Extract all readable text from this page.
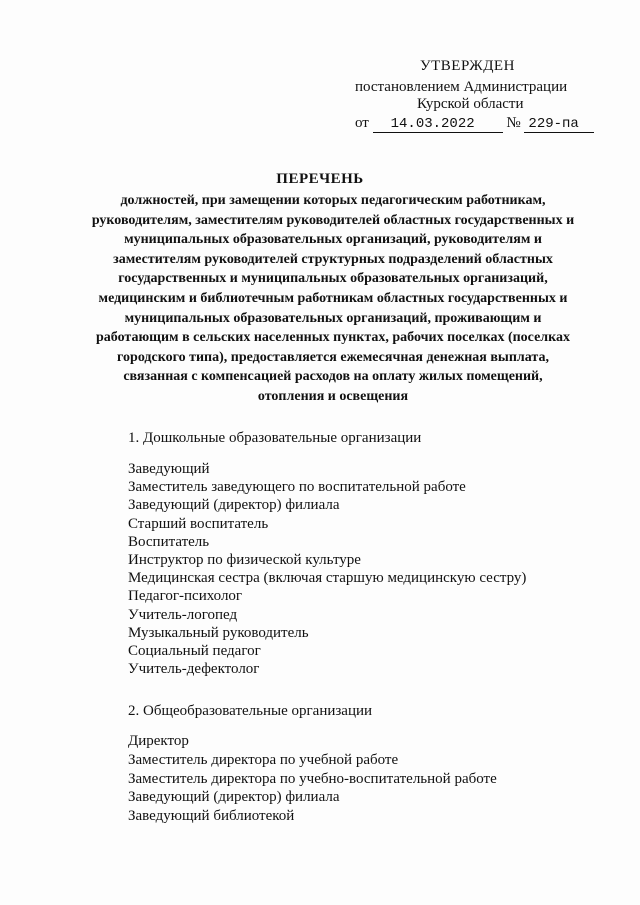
УТВЕРЖДЕН
постановлением Администрации
Курской области
от 14.03.2022 № 229-па
ПЕРЕЧЕНЬ
должностей, при замещении которых педагогическим работникам, руководителям, заместителям руководителей областных государственных и муниципальных образовательных организаций, руководителям и заместителям руководителей структурных подразделений областных государственных и муниципальных образовательных организаций, медицинским и библиотечным работникам областных государственных и муниципальных образовательных организаций, проживающим и работающим в сельских населенных пунктах, рабочих поселках (поселках городского типа), предоставляется ежемесячная денежная выплата, связанная с компенсацией расходов на оплату жилых помещений, отопления и освещения
1. Дошкольные образовательные организации
Заведующий
Заместитель заведующего по воспитательной работе
Заведующий (директор) филиала
Старший воспитатель
Воспитатель
Инструктор по физической культуре
Медицинская сестра (включая старшую медицинскую сестру)
Педагог-психолог
Учитель-логопед
Музыкальный руководитель
Социальный педагог
Учитель-дефектолог
2. Общеобразовательные организации
Директор
Заместитель директора по учебной работе
Заместитель директора по учебно-воспитательной работе
Заведующий (директор) филиала
Заведующий библиотекой
